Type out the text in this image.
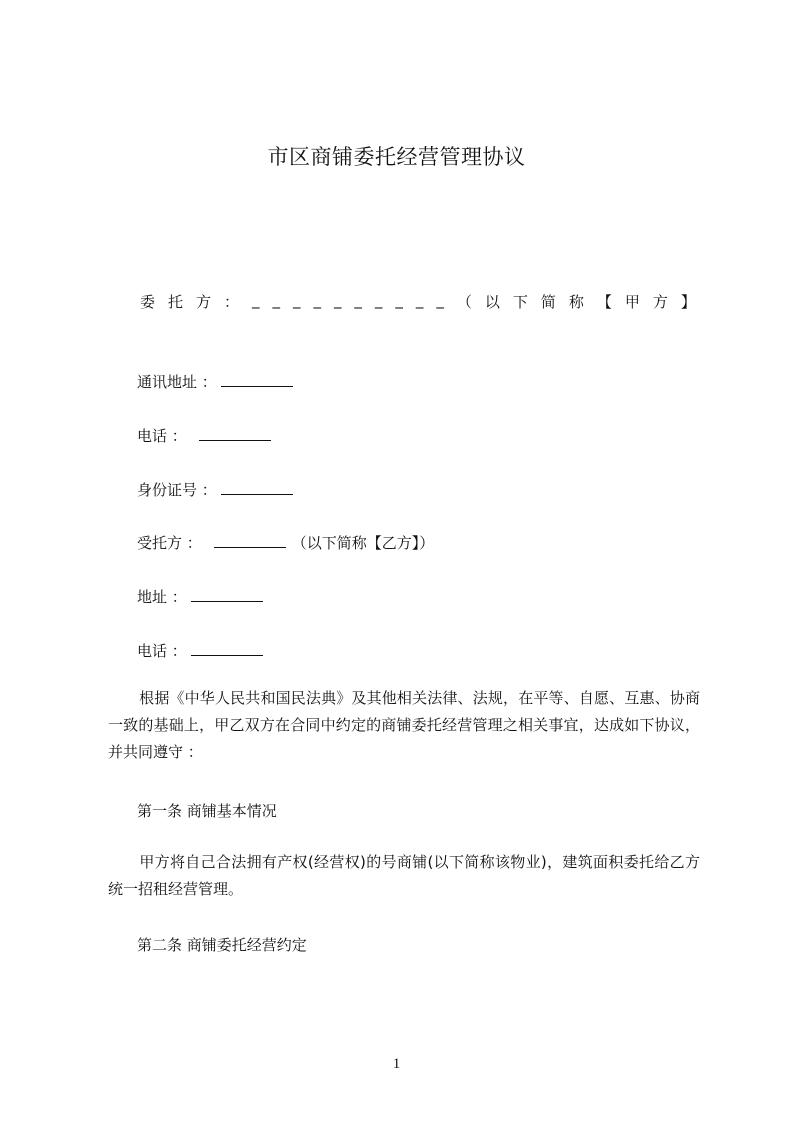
市区商铺委托经营管理协议
委 托 方 ： _ _ _ _ _ _ _ _ _ _ （ 以 下 简 称 【 甲 方 】
通讯地址 ：
电话 ：
身份证号 ：
受托方 ：	（以下简称【乙方】）
地址 ：
电话 ：
根据《中华人民共和国民法典》及其他相关法律、法规，在平等、自愿、互惠、协商一致的基础上，甲乙双方在合同中约定的商铺委托经营管理之相关事宜，达成如下协议，并共同遵守 ：
第一条 商铺基本情况
甲方将自己合法拥有产权(经营权)的号商铺(以下简称该物业)，建筑面积委托给乙方统一招租经营管理。
第二条 商铺委托经营约定
1
